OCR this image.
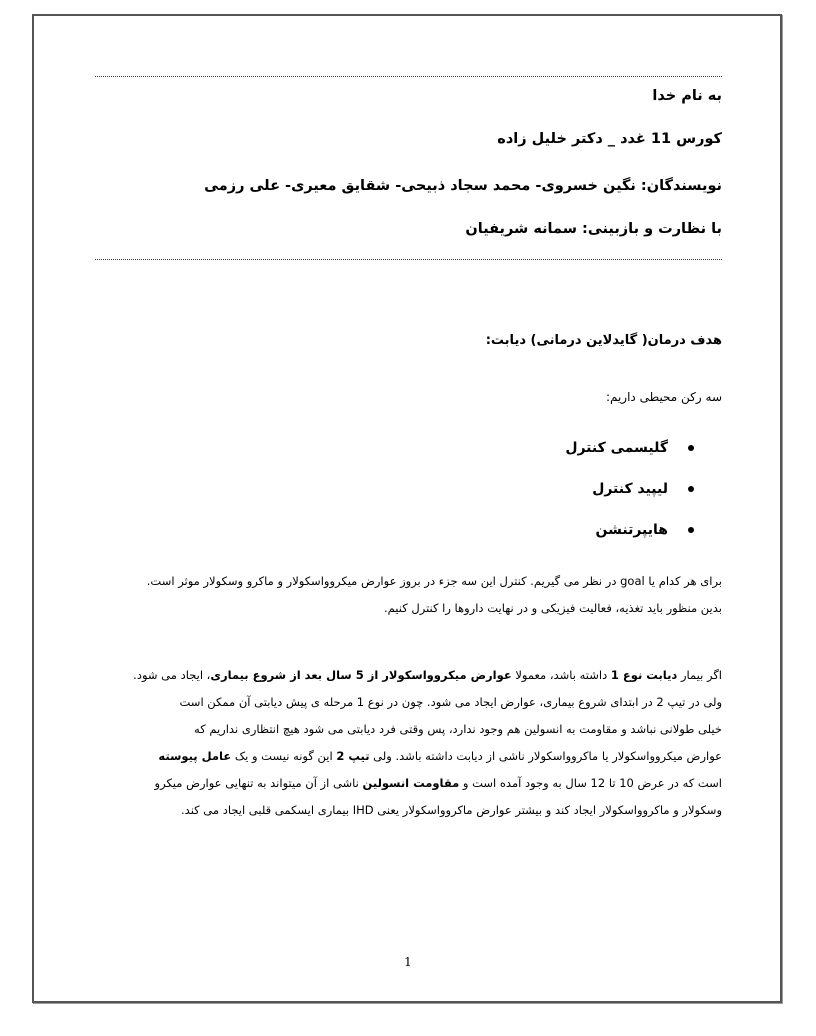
به نام خدا
کورس 11 غدد _ دکتر خلیل زاده
نویسندگان: نگین خسروی- محمد سجاد ذبیحی- شقایق معیری- علی رزمی
با نظارت و بازبینی: سمانه شریفیان
هدف درمان( گایدلاین درمانی) دیابت:
سه رکن محیطی داریم:
گلیسمی کنترل
لیپید کنترل
هایپرتنشن
برای هر کدام یا goal در نظر می گیریم. کنترل این سه جزء در بروز عوارض میکروواسکولار و ماکرو وسکولار موثر است.
بدین منظور باید تغذیه، فعالیت فیزیکی و در نهایت داروها را کنترل کنیم.
اگر بیمار دیابت نوع 1 داشته باشد، معمولا عوارض میکروواسکولار از 5 سال بعد از شروع بیماری، ایجاد می شود.
ولی در تیپ 2 در ابتدای شروع بیماری، عوارض ایجاد می شود. چون در نوع 1 مرحله ی پیش دیابتی آن ممکن است
خیلی طولانی نباشد و مقاومت به انسولین هم وجود ندارد، پس وقتی فرد دیابتی می شود هیچ انتظاری نداریم که
عوارض میکروواسکولار یا ماکروواسکولار ناشی از دیابت داشته باشد. ولی تیپ 2 این گونه نیست و یک عامل پیوسته
است که در عرض 10 تا 12 سال به وجود آمده است و مقاومت انسولین ناشی از آن میتواند به تنهایی عوارض میکرو
وسکولار و ماکروواسکولار ایجاد کند و بیشتر عوارض ماکروواسکولار یعنی IHD بیماری ایسکمی قلبی ایجاد می کند.
1
